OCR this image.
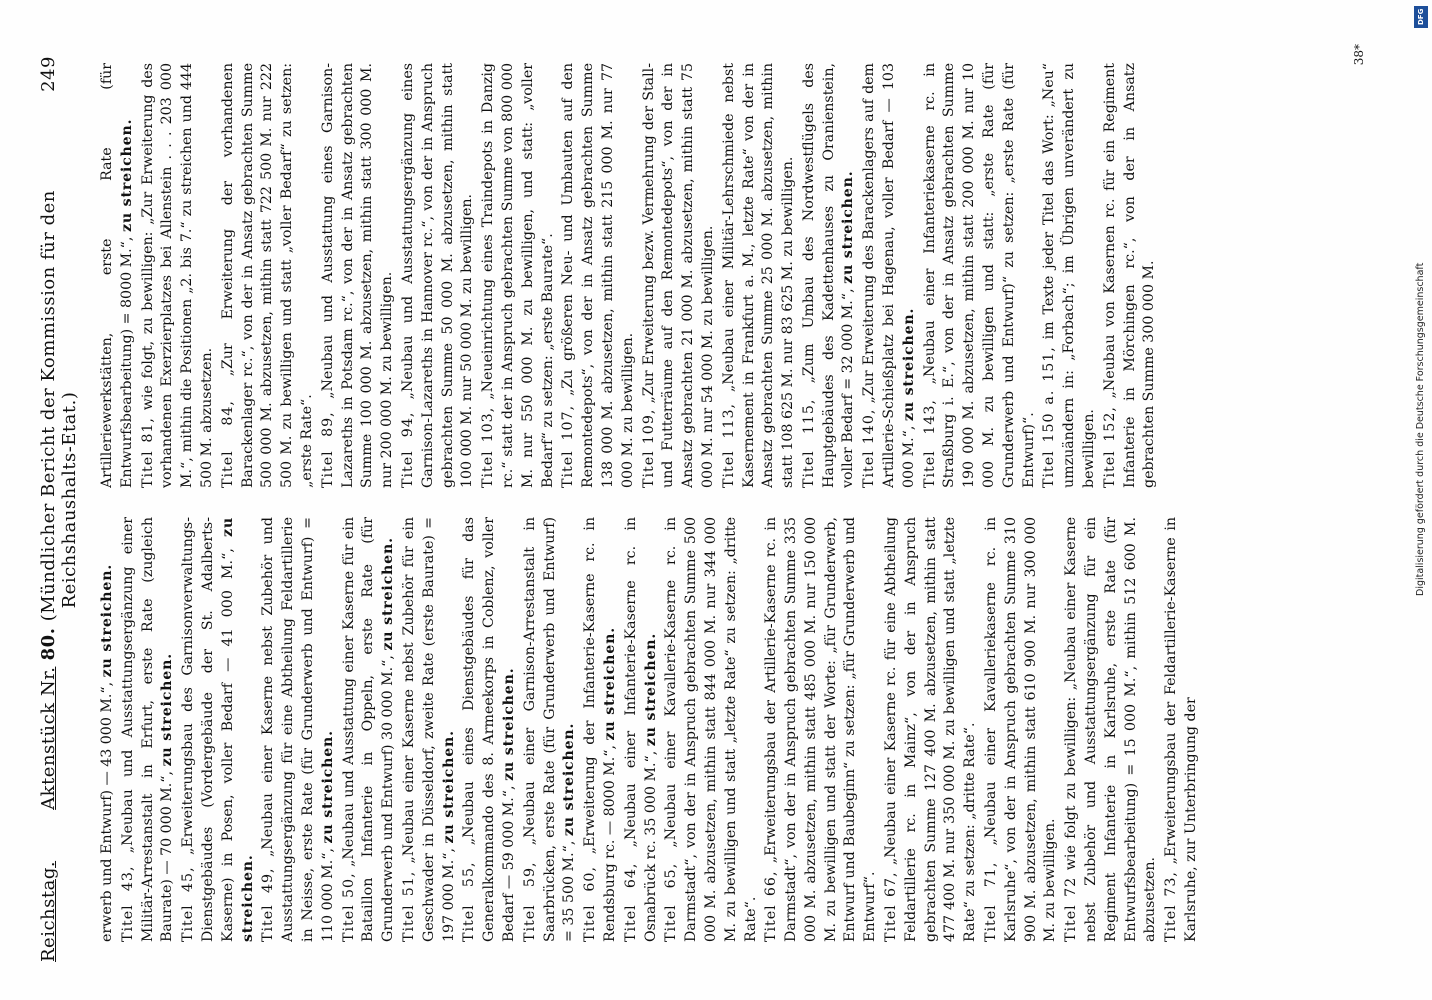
Reichstag.
Aktenstück Nr. 80. (Mündlicher Bericht der Kommission für den Reichshaushalts-Etat.)
249

erwerb und Entwurf) — 43 000 M.“, zu streichen.

Titel 43, „Neubau und Ausstattungsergänzung einer Militär-Arrestanstalt in Erfurt, erste Rate (zugleich Baurate) — 70 000 M.“, zu streichen.

Titel 45, „Erweiterungsbau des Garnisonverwaltungs-Dienstgebäudes (Vordergebäude der St. Adalberts-Kaserne) in Posen, voller Bedarf — 41 000 M.“, zu streichen. Titel 49, „Neubau einer Kaserne nebst Zubehör und Ausstattungsergänzung für eine Abtheilung Feldartillerie in Neisse, erste Rate (für Grunderwerb und Entwurf) = 110 000 M.“, zu streichen.

Titel 50, „Neubau und Ausstattung einer Kaserne für ein Bataillon Infanterie in Oppeln, erste Rate (für Grunderwerb und Entwurf) 30 000 M.“, zu streichen.

Titel 51, „Neubau einer Kaserne nebst Zubehör für ein Geschwader in Düsseldorf, zweite Rate (erste Baurate) = 197 000 M.“, zu streichen.

Titel 55, „Neubau eines Dienstgebäudes für das Generalkommando des 8. Armeekorps in Coblenz, voller Bedarf — 59 000 M.“, zu streichen.

Titel 59, „Neubau einer Garnison-Arrestanstalt in Saarbrücken, erste Rate (für Grunderwerb und Entwurf) = 35 500 M.“, zu streichen.

Titel 60, „Erweiterung der Infanterie-Kaserne rc. in Rendsburg rc. — 8000 M.“, zu streichen.

Titel 64, „Neubau einer Infanterie-Kaserne rc. in Osnabrück rc. 35 000 M.“, zu streichen.

Titel 65, „Neubau einer Kavallerie-Kaserne rc. in Darmstadt“, von der in Anspruch gebrachten Summe 500 000 M. abzusetzen, mithin statt 844 000 M. nur 344 000 M. zu bewilligen und statt „letzte Rate“ zu setzen: „dritte Rate“. Titel 66, „Erweiterungsbau der Artillerie-Kaserne rc. in Darmstadt“, von der in Anspruch gebrachten Summe 335 000 M. abzusetzen, mithin statt 485 000 M. nur 150 000 M. zu bewilligen und statt der Worte: „für Grunderwerb, Entwurf und Baubeginn“ zu setzen: „für Grunderwerb und Entwurf“. Titel 67, „Neubau einer Kaserne rc. für eine Abtheilung Feldartillerie rc. in Mainz“, von der in Anspruch gebrachten Summe 127 400 M. abzusetzen, mithin statt 477 400 M. nur 350 000 M. zu bewilligen und statt „letzte Rate“ zu setzen: „dritte Rate“. Titel 71, „Neubau einer Kavalleriekaserne rc. in Karlsruhe“, von der in Anspruch gebrachten Summe 310 900 M. abzusetzen, mithin statt 610 900 M. nur 300 000 M. zu bewilligen. Titel 72 wie folgt zu bewilligen: „Neubau einer Kaserne nebst Zubehör und Ausstattungsergänzung für ein Regiment Infanterie in Karlsruhe, erste Rate (für Entwurfsbearbeitung) = 15 000 M.“, mithin 512 600 M. abzusetzen. Titel 73, „Erweiterungsbau der Feldartillerie-Kaserne in Karlsruhe, zur Unterbringung der

Artilleriewerkstätten, erste Rate (für Entwurfsbearbeitung) = 8000 M.“, zu streichen.

Titel 81, wie folgt, zu bewilligen: „Zur Erweiterung des vorhandenen Exerzierplatzes bei Allenstein . . . 203 000 M.“, mithin die Positionen „2. bis 7.“ zu streichen und 444 500 M. abzusetzen. Titel 84, „Zur Erweiterung der vorhandenen Barackenlager rc.“, von der in Ansatz gebrachten Summe 500 000 M. abzusetzen, mithin statt 722 500 M. nur 222 500 M. zu bewilligen und statt „voller Bedarf“ zu setzen: „erste Rate“. Titel 89, „Neubau und Ausstattung eines Garnison-Lazareths in Potsdam rc.“, von der in Ansatz gebrachten Summe 100 000 M. abzusetzen, mithin statt 300 000 M. nur 200 000 M. zu bewilligen. Titel 94, „Neubau und Ausstattungsergänzung eines Garnison-Lazareths in Hannover rc.“, von der in Anspruch gebrachten Summe 50 000 M. abzusetzen, mithin statt 100 000 M. nur 50 000 M. zu bewilligen. Titel 103, „Neueinrichtung eines Traindepots in Danzig rc.“ statt der in Anspruch gebrachten Summe von 800 000 M. nur 550 000 M. zu bewilligen, und statt: „voller Bedarf“ zu setzen: „erste Baurate“. Titel 107, „Zu größeren Neu- und Umbauten auf den Remontedepots“, von der in Ansatz gebrachten Summe 138 000 M. abzusetzen, mithin statt 215 000 M. nur 77 000 M. zu bewilligen. Titel 109, „Zur Erweiterung bezw. Vermehrung der Stall- und Futterräume auf den Remontedepots“, von der in Ansatz gebrachten 21 000 M. abzusetzen, mithin statt 75 000 M. nur 54 000 M. zu bewilligen. Titel 113, „Neubau einer Militär-Lehrschmiede nebst Kasernement in Frankfurt a. M., letzte Rate“ von der in Ansatz gebrachten Summe 25 000 M. abzusetzen, mithin statt 108 625 M. nur 83 625 M. zu bewilligen. Titel 115, „Zum Umbau des Nordwestflügels des Hauptgebäudes des Kadettenhauses zu Oranienstein, voller Bedarf = 32 000 M.“, zu streichen.

Titel 140, „Zur Erweiterung des Barackenlagers auf dem Artillerie-Schießplatz bei Hagenau, voller Bedarf — 103 000 M.“, zu streichen.

Titel 143, „Neubau einer Infanteriekaserne rc. in Straßburg i. E.“, von der in Ansatz gebrachten Summe 190 000 M. abzusetzen, mithin statt 200 000 M. nur 10 000 M. zu bewilligen und statt: „erste Rate (für Grunderwerb und Entwurf)“ zu setzen: „erste Rate (für Entwurf)“. Titel 150 a. 151, im Texte jeder Titel das Wort: „Neu“ umzuändern in: „Forbach“; im Übrigen unverändert zu bewilligen. Titel 152, „Neubau von Kasernen rc. für ein Regiment Infanterie in Mörchingen rc.“, von der in Ansatz gebrachten Summe 300 000 M.

38*
DFG
Digitalisierung gefördert durch die Deutsche Forschungsgemeinschaft
